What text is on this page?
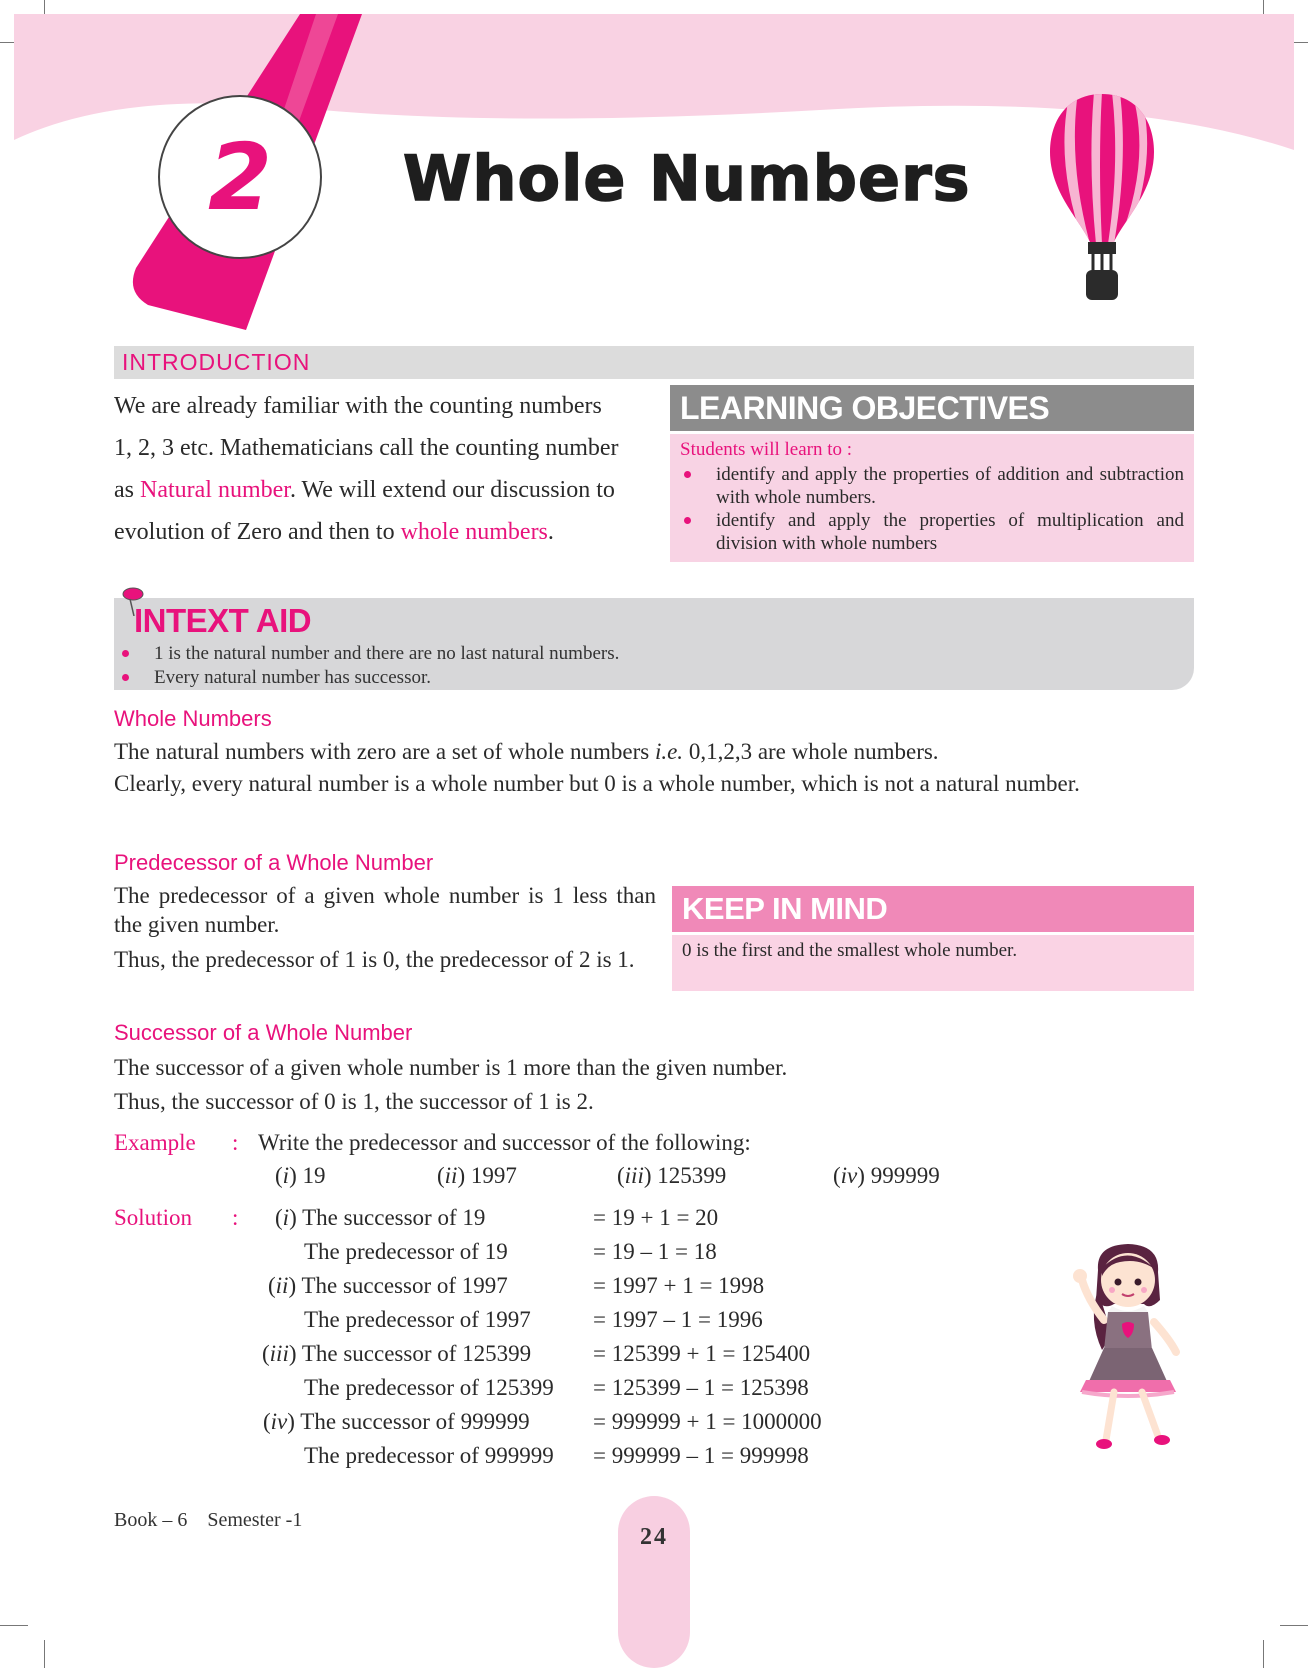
2 Whole Numbers
INTRODUCTION
We are already familiar with the counting numbers
1, 2, 3 etc. Mathematicians call the counting number
as Natural number. We will extend our discussion to
evolution of Zero and then to whole numbers.
LEARNING OBJECTIVES
Students will learn to :
identify and apply the properties of addition and subtraction with whole numbers.
identify and apply the properties of multiplication and division with whole numbers
INTEXT AID
1 is the natural number and there are no last natural numbers.
Every natural number has successor.
Whole Numbers
The natural numbers with zero are a set of whole numbers i.e. 0,1,2,3 are whole numbers.
Clearly, every natural number is a whole number but 0 is a whole number, which is not a natural number.
Predecessor of a Whole Number
The predecessor of a given whole number is 1 less than the given number.
Thus, the predecessor of 1 is 0, the predecessor of 2 is 1.
KEEP IN MIND
0 is the first and the smallest whole number.
Successor of a Whole Number
The successor of a given whole number is 1 more than the given number.
Thus, the successor of 0 is 1, the successor of 1 is 2.
Example : Write the predecessor and successor of the following:
(i) 19	(ii) 1997	(iii) 125399	(iv) 999999
Solution : (i) The successor of 19	= 19 + 1 = 20
The predecessor of 19	= 19 – 1 = 18
(ii) The successor of 1997	= 1997 + 1 = 1998
The predecessor of 1997	= 1997 – 1 = 1996
(iii) The successor of 125399	= 125399 + 1 = 125400
The predecessor of 125399 = 125399 – 1 = 125398
(iv) The successor of 999999	= 999999 + 1 = 1000000
The predecessor of 999999 = 999999 – 1 = 999998
Book – 6 Semester -1
24
